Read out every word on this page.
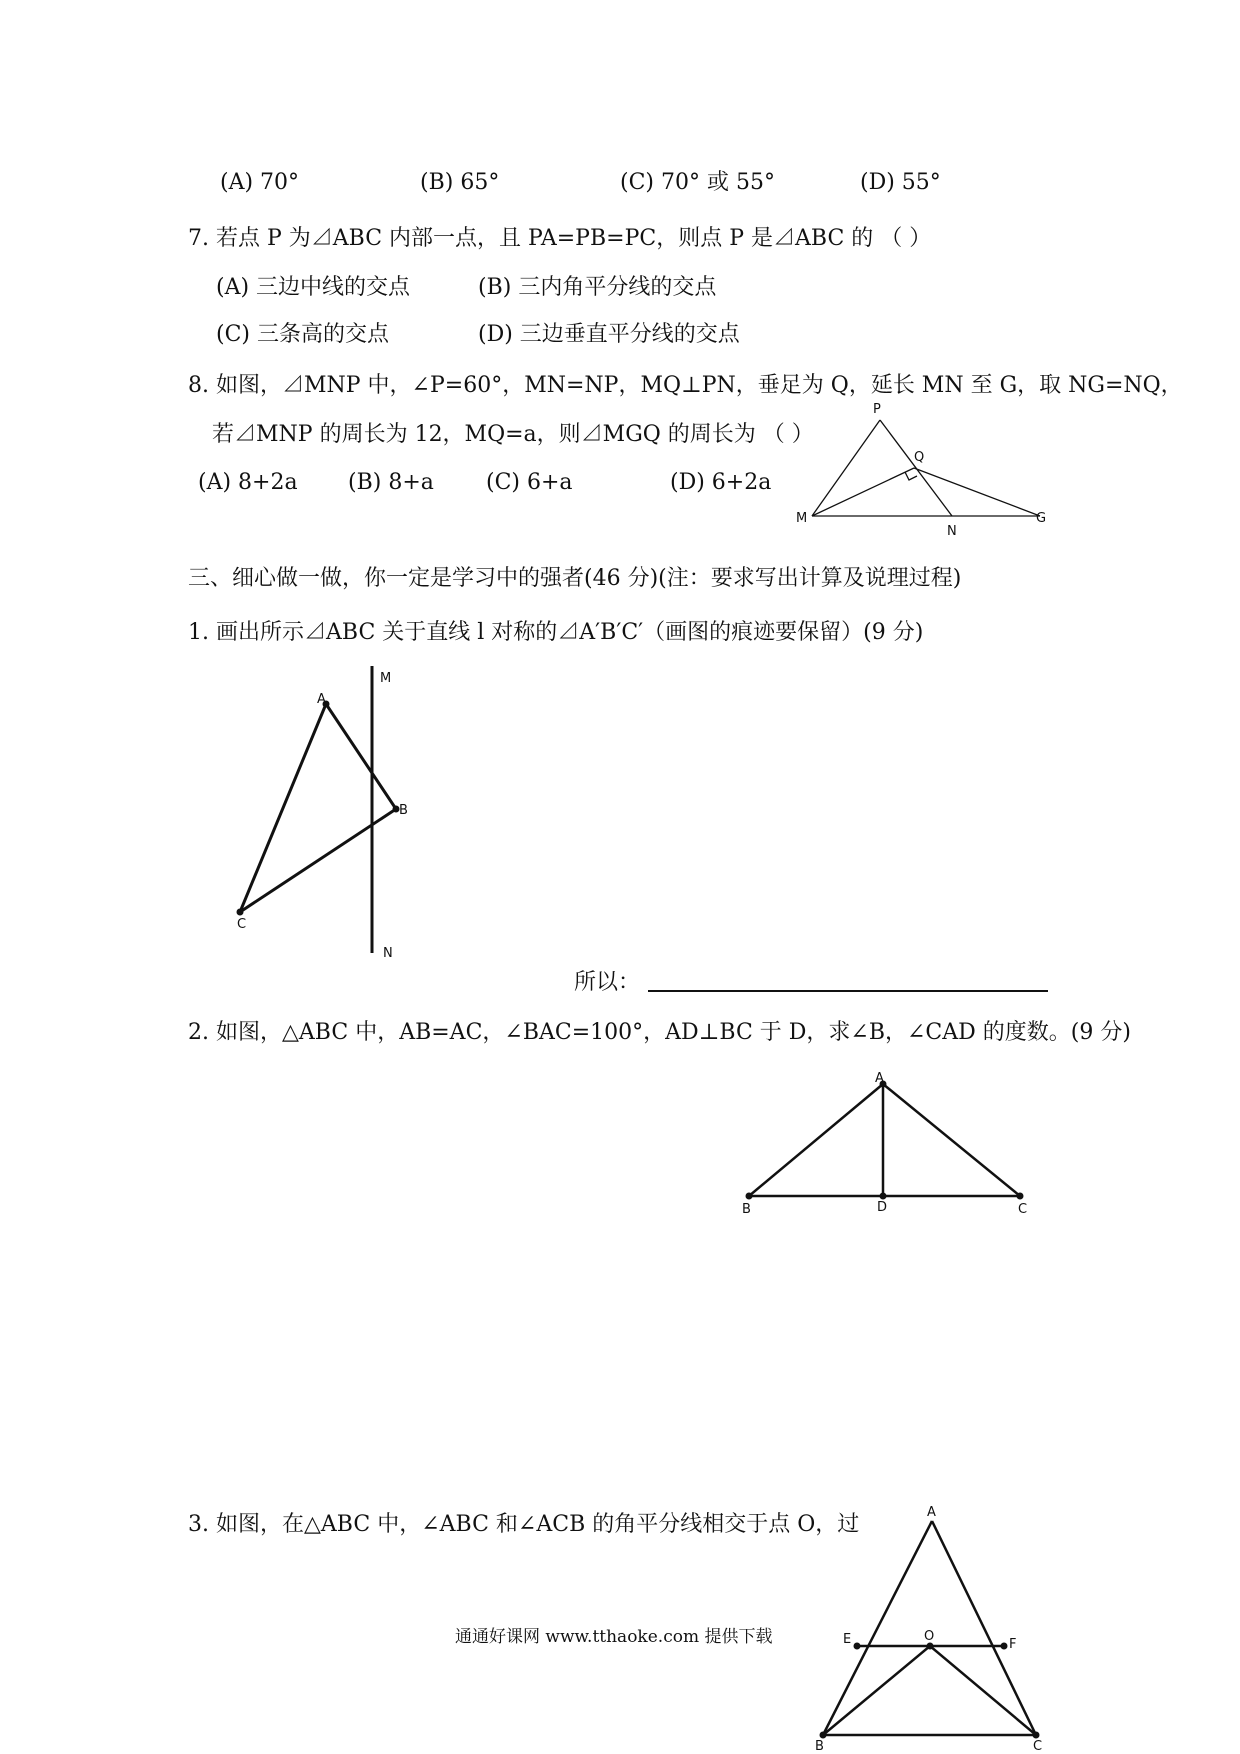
(A) 70°	(B) 65°	(C) 70° 或 55°	(D) 55°
7. 若点 P 为⊿ABC 内部一点，且 PA=PB=PC，则点 P 是⊿ABC 的 （ ）
(A) 三边中线的交点	(B) 三内角平分线的交点
(C) 三条高的交点	(D) 三边垂直平分线的交点
8. 如图，⊿MNP 中，∠P=60°，MN=NP，MQ⊥PN，垂足为 Q，延长 MN 至 G，取 NG=NQ，
若⊿MNP 的周长为 12，MQ=a，则⊿MGQ 的周长为 （ ）
(A) 8+2a (B) 8+a (C) 6+a	(D) 6+2a
三、细心做一做，你一定是学习中的强者(46 分)(注：要求写出计算及说理过程)
1. 画出所示⊿ABC 关于直线 l 对称的⊿A′B′C′（画图的痕迹要保留）(9 分)
所以：
2. 如图，△ABC 中，AB=AC，∠BAC=100°，AD⊥BC 于 D，求∠B，∠CAD 的度数。(9 分)
3. 如图，在△ABC 中，∠ABC 和∠ACB 的角平分线相交于点 O，过
通通好课网 www.tthaoke.com 提供下载
P
Q
M
N
G
A
B
C
M
N
A
B	D	C
A
E	O
F
B	C
